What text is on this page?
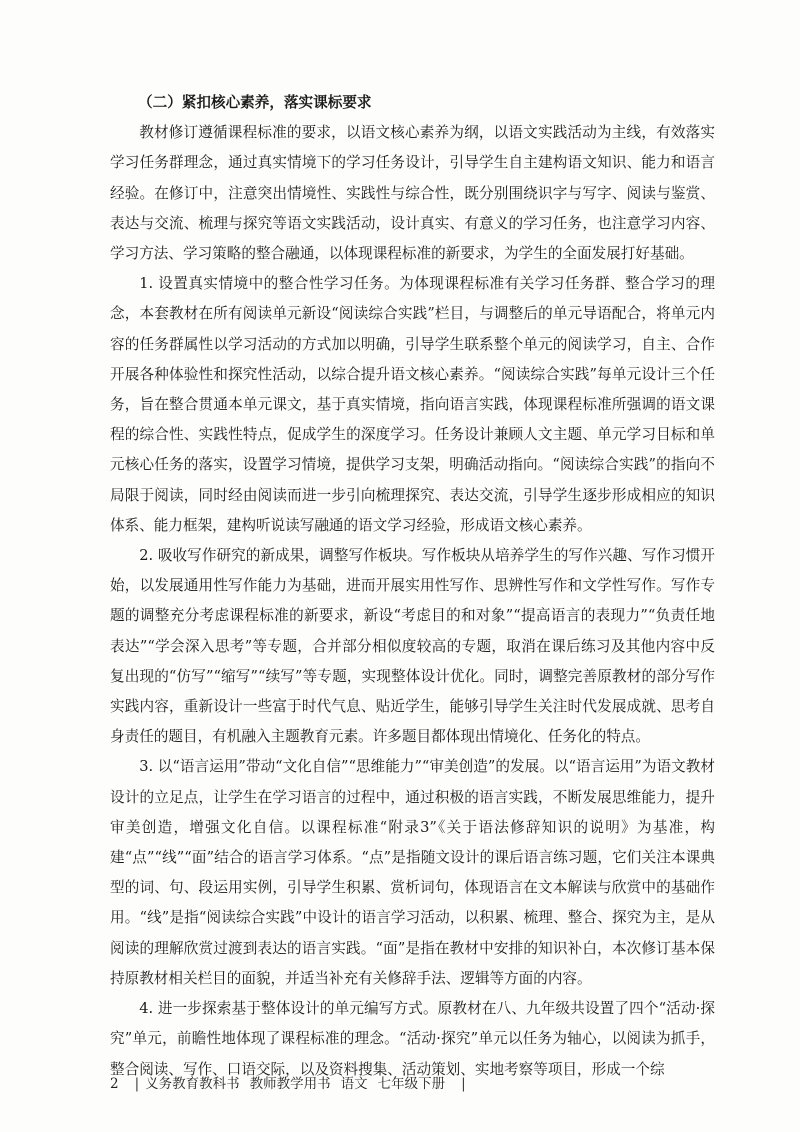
（二）紧扣核心素养，落实课标要求

教材修订遵循课程标准的要求，以语文核心素养为纲，以语文实践活动为主线，有效落实学习任务群理念，通过真实情境下的学习任务设计，引导学生自主建构语文知识、能力和语言经验。在修订中，注意突出情境性、实践性与综合性，既分别围绕识字与写字、阅读与鉴赏、表达与交流、梳理与探究等语文实践活动，设计真实、有意义的学习任务，也注意学习内容、学习方法、学习策略的整合融通，以体现课程标准的新要求，为学生的全面发展打好基础。

1. 设置真实情境中的整合性学习任务。为体现课程标准有关学习任务群、整合学习的理念，本套教材在所有阅读单元新设“阅读综合实践”栏目，与调整后的单元导语配合，将单元内容的任务群属性以学习活动的方式加以明确，引导学生联系整个单元的阅读学习，自主、合作开展各种体验性和探究性活动，以综合提升语文核心素养。“阅读综合实践”每单元设计三个任务，旨在整合贯通本单元课文，基于真实情境，指向语言实践，体现课程标准所强调的语文课程的综合性、实践性特点，促成学生的深度学习。任务设计兼顾人文主题、单元学习目标和单元核心任务的落实，设置学习情境，提供学习支架，明确活动指向。“阅读综合实践”的指向不局限于阅读，同时经由阅读而进一步引向梳理探究、表达交流，引导学生逐步形成相应的知识体系、能力框架，建构听说读写融通的语文学习经验，形成语文核心素养。

2. 吸收写作研究的新成果，调整写作板块。写作板块从培养学生的写作兴趣、写作习惯开始，以发展通用性写作能力为基础，进而开展实用性写作、思辨性写作和文学性写作。写作专题的调整充分考虑课程标准的新要求，新设“考虑目的和对象”“提高语言的表现力”“负责任地表达”“学会深入思考”等专题，合并部分相似度较高的专题，取消在课后练习及其他内容中反复出现的“仿写”“缩写”“续写”等专题，实现整体设计优化。同时，调整完善原教材的部分写作实践内容，重新设计一些富于时代气息、贴近学生，能够引导学生关注时代发展成就、思考自身责任的题目，有机融入主题教育元素。许多题目都体现出情境化、任务化的特点。

3. 以“语言运用”带动“文化自信”“思维能力”“审美创造”的发展。以“语言运用”为语文教材设计的立足点，让学生在学习语言的过程中，通过积极的语言实践，不断发展思维能力，提升审美创造，增强文化自信。以课程标准“附录3”《关于语法修辞知识的说明》为基准，构建“点”“线”“面”结合的语言学习体系。“点”是指随文设计的课后语言练习题，它们关注本课典型的词、句、段运用实例，引导学生积累、赏析词句，体现语言在文本解读与欣赏中的基础作用。“线”是指“阅读综合实践”中设计的语言学习活动，以积累、梳理、整合、探究为主，是从阅读的理解欣赏过渡到表达的语言实践。“面”是指在教材中安排的知识补白，本次修订基本保持原教材相关栏目的面貌，并适当补充有关修辞手法、逻辑等方面的内容。

4. 进一步探索基于整体设计的单元编写方式。原教材在八、九年级共设置了四个“活动·探究”单元，前瞻性地体现了课程标准的理念。“活动·探究”单元以任务为轴心，以阅读为抓手，整合阅读、写作、口语交际，以及资料搜集、活动策划、实地考察等项目，形成一个综

2 | 义务教育教科书 教师教学用书 语文 七年级下册 |
